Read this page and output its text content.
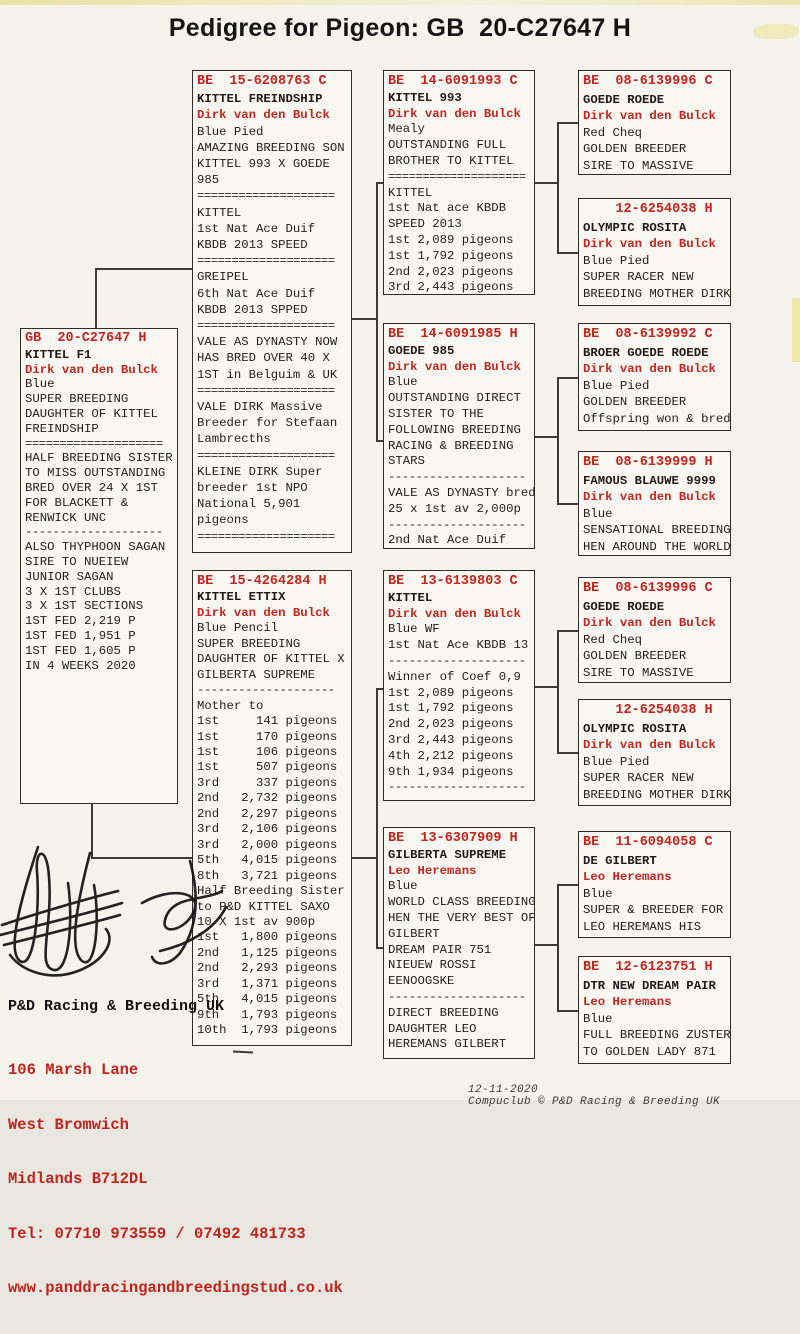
Pedigree for Pigeon: GB  20-C27647 H
GB  20-C27647 H
KITTEL F1
Dirk van den Bulck
Blue
SUPER BREEDING
DAUGHTER OF KITTEL
FREINDSHIP
====================
HALF BREEDING SISTER
TO MISS OUTSTANDING
BRED OVER 24 X 1ST
FOR BLACKETT &
RENWICK UNC
--------------------
ALSO THYPHOON SAGAN
SIRE TO NUEIEW
JUNIOR SAGAN
3 X 1ST CLUBS
3 X 1ST SECTIONS
1ST FED 2,219 P
1ST FED 1,951 P
1ST FED 1,605 P
IN 4 WEEKS 2020
BE  15-6208763 C
KITTEL FREINDSHIP
Dirk van den Bulck
Blue Pied
AMAZING BREEDING SON
KITTEL 993 X GOEDE
985
====================
KITTEL
1st Nat Ace Duif
KBDB 2013 SPEED
====================
GREIPEL
6th Nat Ace Duif
KBDB 2013 SPPED
====================
VALE AS DYNASTY NOW
HAS BRED OVER 40 X
1ST in Belguim & UK
====================
VALE DIRK Massive
Breeder for Stefaan
Lambrecths
====================
KLEINE DIRK Super
breeder 1st NPO
National 5,901
pigeons
====================
BE  15-4264284 H
KITTEL ETTIX
Dirk van den Bulck
Blue Pencil
SUPER BREEDING
DAUGHTER OF KITTEL X
GILBERTA SUPREME
--------------------
Mother to
1st     141 pigeons
1st     170 pigeons
1st     106 pigeons
1st     507 pigeons
3rd     337 pigeons
2nd   2,732 pigeons
2nd   2,297 pigeons
3rd   2,106 pigeons
3rd   2,000 pigeons
5th   4,015 pigeons
8th   3,721 pigeons
Half Breeding Sister
to P&D KITTEL SAXO
10 X 1st av 900p
1st   1,800 pigeons
2nd   1,125 pigeons
2nd   2,293 pigeons
3rd   1,371 pigeons
5th   4,015 pigeons
9th   1,793 pigeons
10th  1,793 pigeons
BE  14-6091993 C
KITTEL 993
Dirk van den Bulck
Mealy
OUTSTANDING FULL
BROTHER TO KITTEL
====================
KITTEL
1st Nat ace KBDB
SPEED 2013
1st 2,089 pigeons
1st 1,792 pigeons
2nd 2,023 pigeons
3rd 2,443 pigeons
BE  14-6091985 H
GOEDE 985
Dirk van den Bulck
Blue
OUTSTANDING DIRECT
SISTER TO THE
FOLLOWING BREEDING
RACING & BREEDING
STARS
--------------------
VALE AS DYNASTY bred
25 x 1st av 2,000p
--------------------
2nd Nat Ace Duif
BE  13-6139803 C
KITTEL
Dirk van den Bulck
Blue WF
1st Nat Ace KBDB 13
--------------------
Winner of Coef 0,9
1st 2,089 pigeons
1st 1,792 pigeons
2nd 2,023 pigeons
3rd 2,443 pigeons
4th 2,212 pigeons
9th 1,934 pigeons
--------------------
BE  13-6307909 H
GILBERTA SUPREME
Leo Heremans
Blue
WORLD CLASS BREEDING
HEN THE VERY BEST OF
GILBERT
DREAM PAIR 751
NIEUEW ROSSI
EENOOGSKE
--------------------
DIRECT BREEDING
DAUGHTER LEO
HEREMANS GILBERT
BE  08-6139996 C
GOEDE ROEDE
Dirk van den Bulck
Red Cheq
GOLDEN BREEDER
SIRE TO MASSIVE
12-6254038 H
OLYMPIC ROSITA
Dirk van den Bulck
Blue Pied
SUPER RACER NEW
BREEDING MOTHER DIRK
BE  08-6139992 C
BROER GOEDE ROEDE
Dirk van den Bulck
Blue Pied
GOLDEN BREEDER
Offspring won & bred
BE  08-6139999 H
FAMOUS BLAUWE 9999
Dirk van den Bulck
Blue
SENSATIONAL BREEDING
HEN AROUND THE WORLD
BE  08-6139996 C
GOEDE ROEDE
Dirk van den Bulck
Red Cheq
GOLDEN BREEDER
SIRE TO MASSIVE
12-6254038 H
OLYMPIC ROSITA
Dirk van den Bulck
Blue Pied
SUPER RACER NEW
BREEDING MOTHER DIRK
BE  11-6094058 C
DE GILBERT
Leo Heremans
Blue
SUPER & BREEDER FOR
LEO HEREMANS HIS
BE  12-6123751 H
DTR NEW DREAM PAIR
Leo Heremans
Blue
FULL BREEDING ZUSTER
TO GOLDEN LADY 871

P&D Racing & Breeding UK

106 Marsh Lane

West Bromwich

Midlands B712DL

Tel: 07710 973559 / 07492 481733

www.panddracingandbreedingstud.co.uk

12-11-2020
Compuclub © P&D Racing & Breeding UK
